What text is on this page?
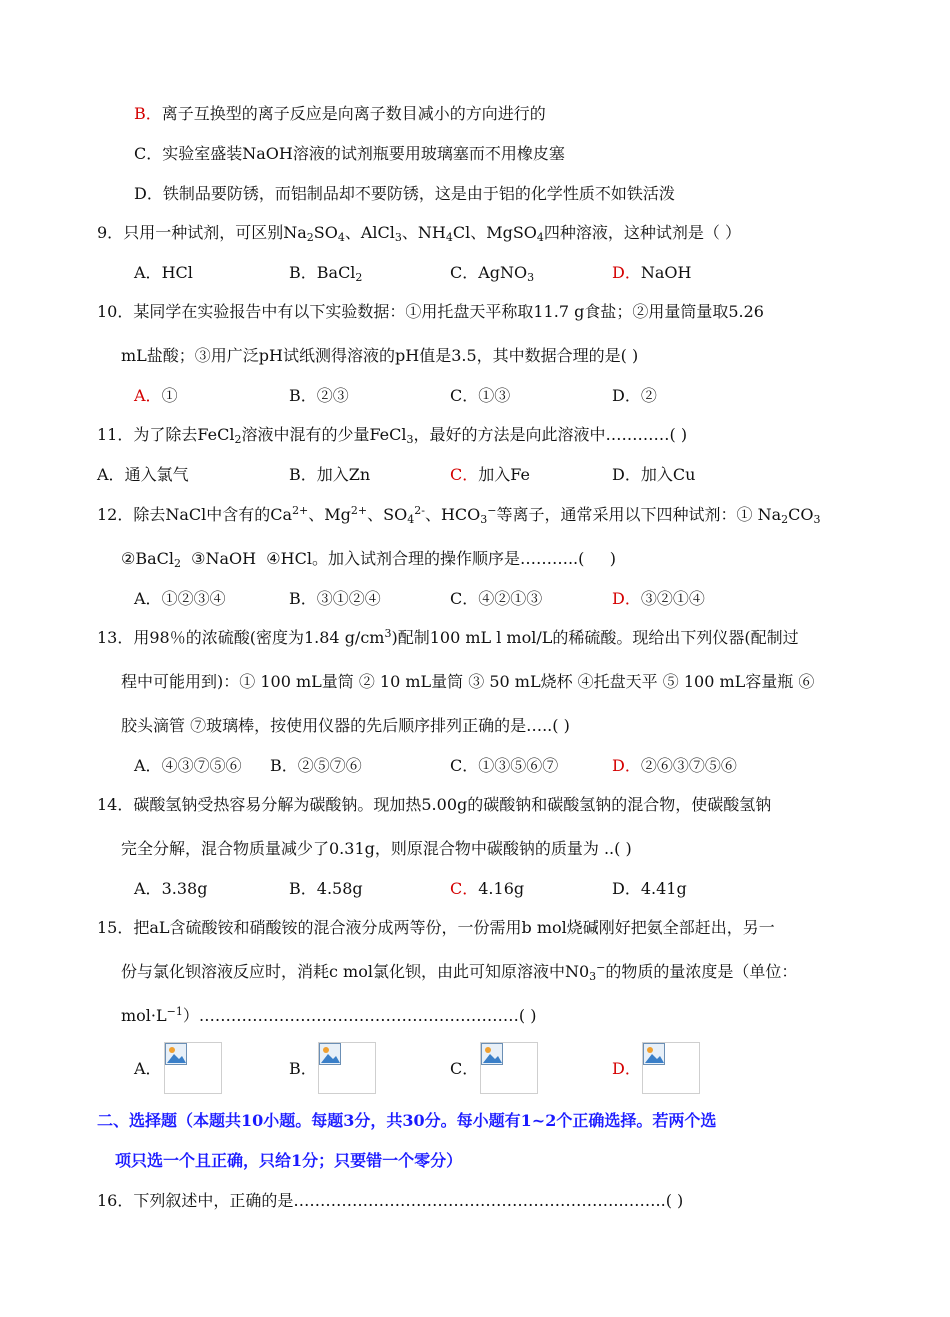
B．离子互换型的离子反应是向离子数目减小的方向进行的
C．实验室盛装NaOH溶液的试剂瓶要用玻璃塞而不用橡皮塞
D．铁制品要防锈，而铝制品却不要防锈，这是由于铝的化学性质不如铁活泼
9．只用一种试剂，可区别$Na_2SO_4$、AlCl$_3$、$NH_4Cl$、MgSO$_4$四种溶液，这种试剂是（ ）
A．HCl	B．BaCl$_2$	C．AgNO$_3$	D．NaOH
10．某同学在实验报告中有以下实验数据：①用托盘天平称取11.7 g食盐；②用量筒量取5.26
mL盐酸；③用广泛pH试纸测得溶液的pH值是3.5，其中数据合理的是( )
A．①	B．②③	C．①③	D．②
11．为了除去FeCl$_2$溶液中混有的少量FeCl$_3$，最好的方法是向此溶液中…………( )
A．通入氯气	B．加入Zn	C．加入Fe	D．加入Cu
12．除去NaCl中含有的$Ca^{2+}$、$Mg^{2+}$、$SO_4^{2-}$、$HCO_3^-$等离子，通常采用以下四种试剂：① $Na_2CO_3$
②BaCl$_2$  ③NaOH  ④HCl。加入试剂合理的操作顺序是………..(     )
A．①②③④	B．③①②④	C．④②①③	D．③②①④
13．用98％的浓硫酸(密度为1.84 $g/cm^3$)配制100 mL l mol/L的稀硫酸。现给出下列仪器(配制过
程中可能用到)：① 100 mL量筒 ② 10 mL量筒 ③ 50 mL烧杯 ④托盘天平 ⑤ 100 mL容量瓶 ⑥
胶头滴管 ⑦玻璃棒，按使用仪器的先后顺序排列正确的是…..( )
A．④③⑦⑤⑥ B．②⑤⑦⑥	C．①③⑤⑥⑦	D．②⑥③⑦⑤⑥
14．碳酸氢钠受热容易分解为碳酸钠。现加热5.00g的碳酸钠和碳酸氢钠的混合物，使碳酸氢钠
完全分解，混合物质量减少了0.31g，则原混合物中碳酸钠的质量为 ..( )
A．3.38g	B．4.58g	C．4.16g	D．4.41g
15．把aL含硫酸铵和硝酸铵的混合液分成两等份，一份需用b mol烧碱刚好把氨全部赶出，另一
份与氯化钡溶液反应时，消耗c mol氯化钡，由此可知原溶液中$N0_3^-$的物质的量浓度是（单位：
$mol\cdot L^{-1})\dots\dots\dots\dots\dots\dots\dots\dots\dots\dots\dots\dots\dots\dots\dots\dots\dots\dots\dots\dots$( )
A．	B．	C．	D．
二、选择题（本题共10小题。每题3分，共30分。每小题有1~2个正确选择。若两个选
项只选一个且正确，只给1分；只要错一个零分）
16．下列叙述中，正确的是……………………………………………………..……..( )
